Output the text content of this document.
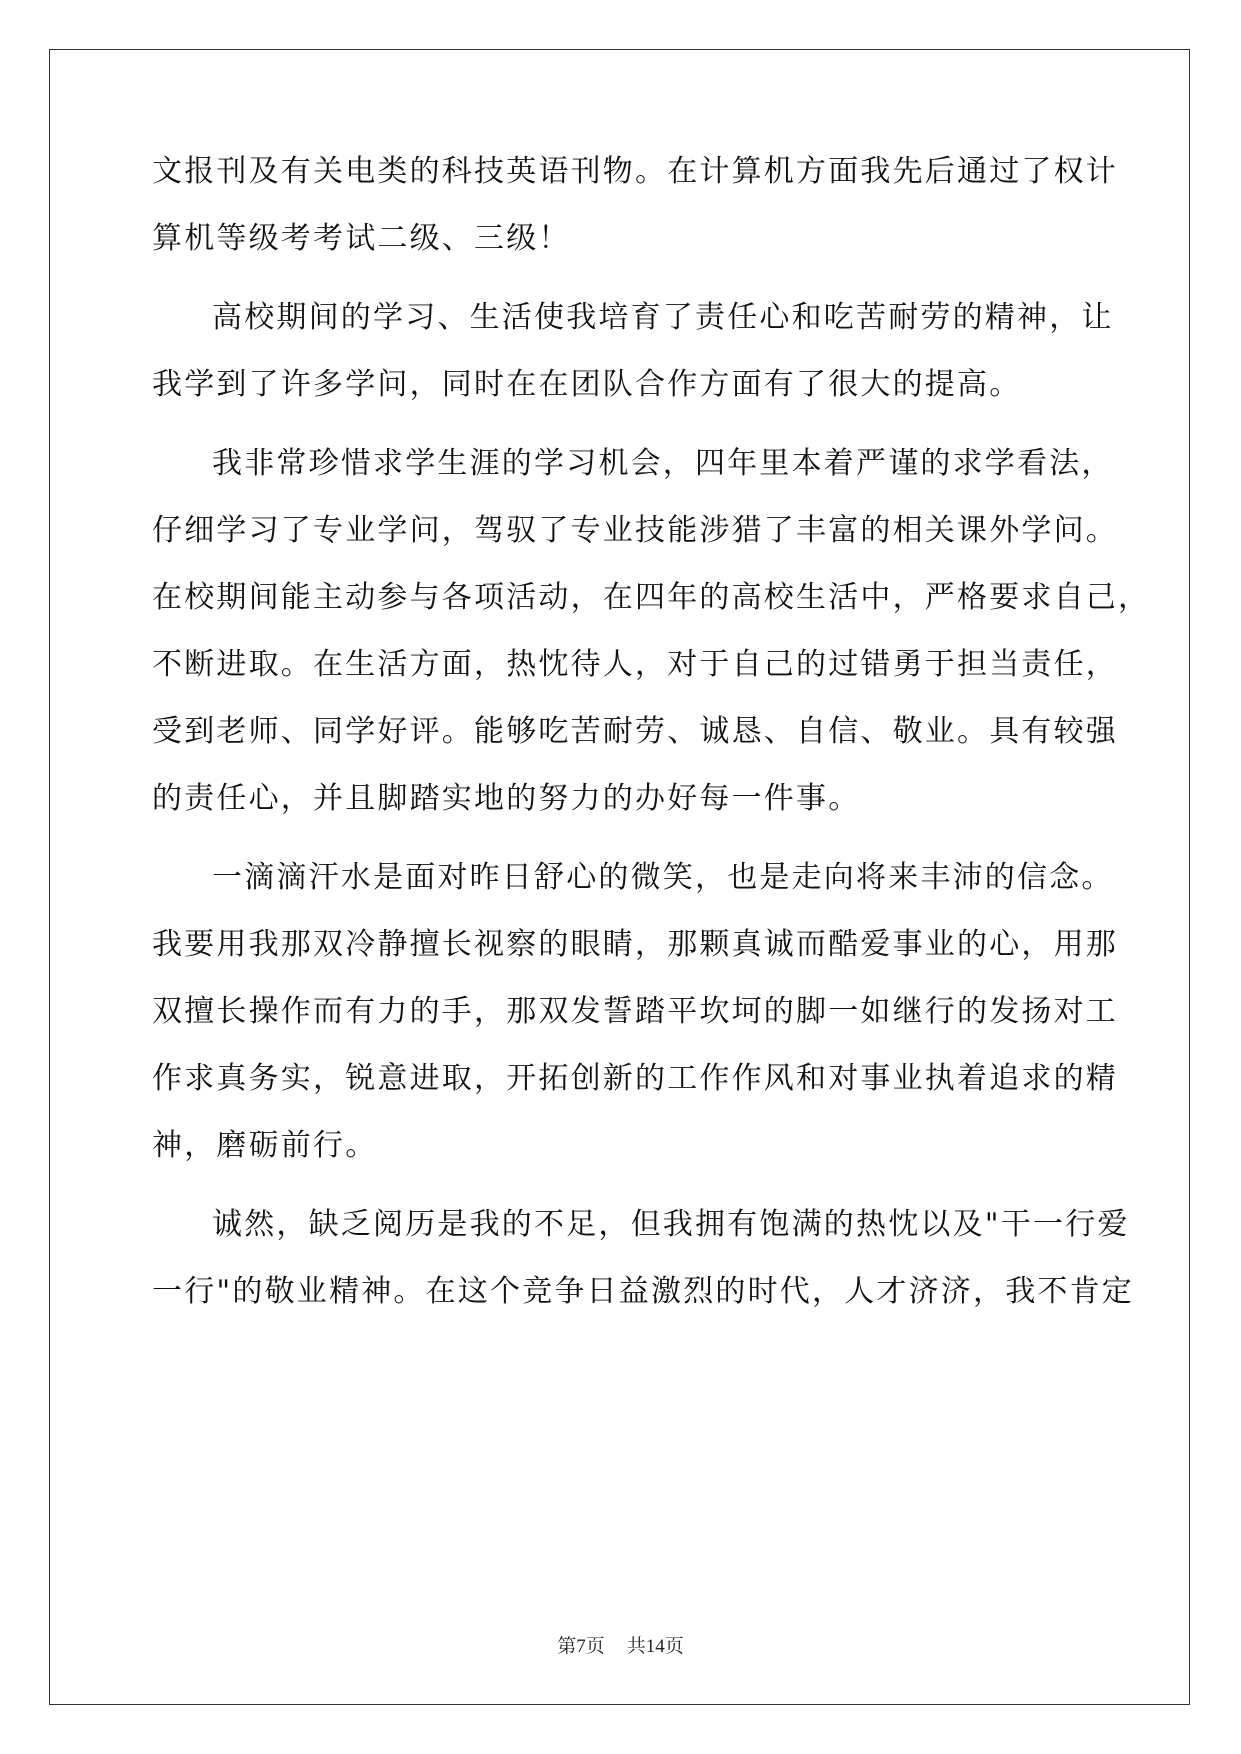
文报刊及有关电类的科技英语刊物。在计算机方面我先后通过了权计
算机等级考考试二级、三级！
高校期间的学习、生活使我培育了责任心和吃苦耐劳的精神，让
我学到了许多学问，同时在在团队合作方面有了很大的提高。
我非常珍惜求学生涯的学习机会，四年里本着严谨的求学看法，
仔细学习了专业学问，驾驭了专业技能涉猎了丰富的相关课外学问。
在校期间能主动参与各项活动，在四年的高校生活中，严格要求自己，
不断进取。在生活方面，热忱待人，对于自己的过错勇于担当责任，
受到老师、同学好评。能够吃苦耐劳、诚恳、自信、敬业。具有较强
的责任心，并且脚踏实地的努力的办好每一件事。
一滴滴汗水是面对昨日舒心的微笑，也是走向将来丰沛的信念。
我要用我那双冷静擅长视察的眼睛，那颗真诚而酷爱事业的心，用那
双擅长操作而有力的手，那双发誓踏平坎坷的脚一如继行的发扬对工
作求真务实，锐意进取，开拓创新的工作作风和对事业执着追求的精
神，磨砺前行。
诚然，缺乏阅历是我的不足，但我拥有饱满的热忱以及"干一行爱
一行"的敬业精神。在这个竞争日益激烈的时代，人才济济，我不肯定
第7页 共14页
